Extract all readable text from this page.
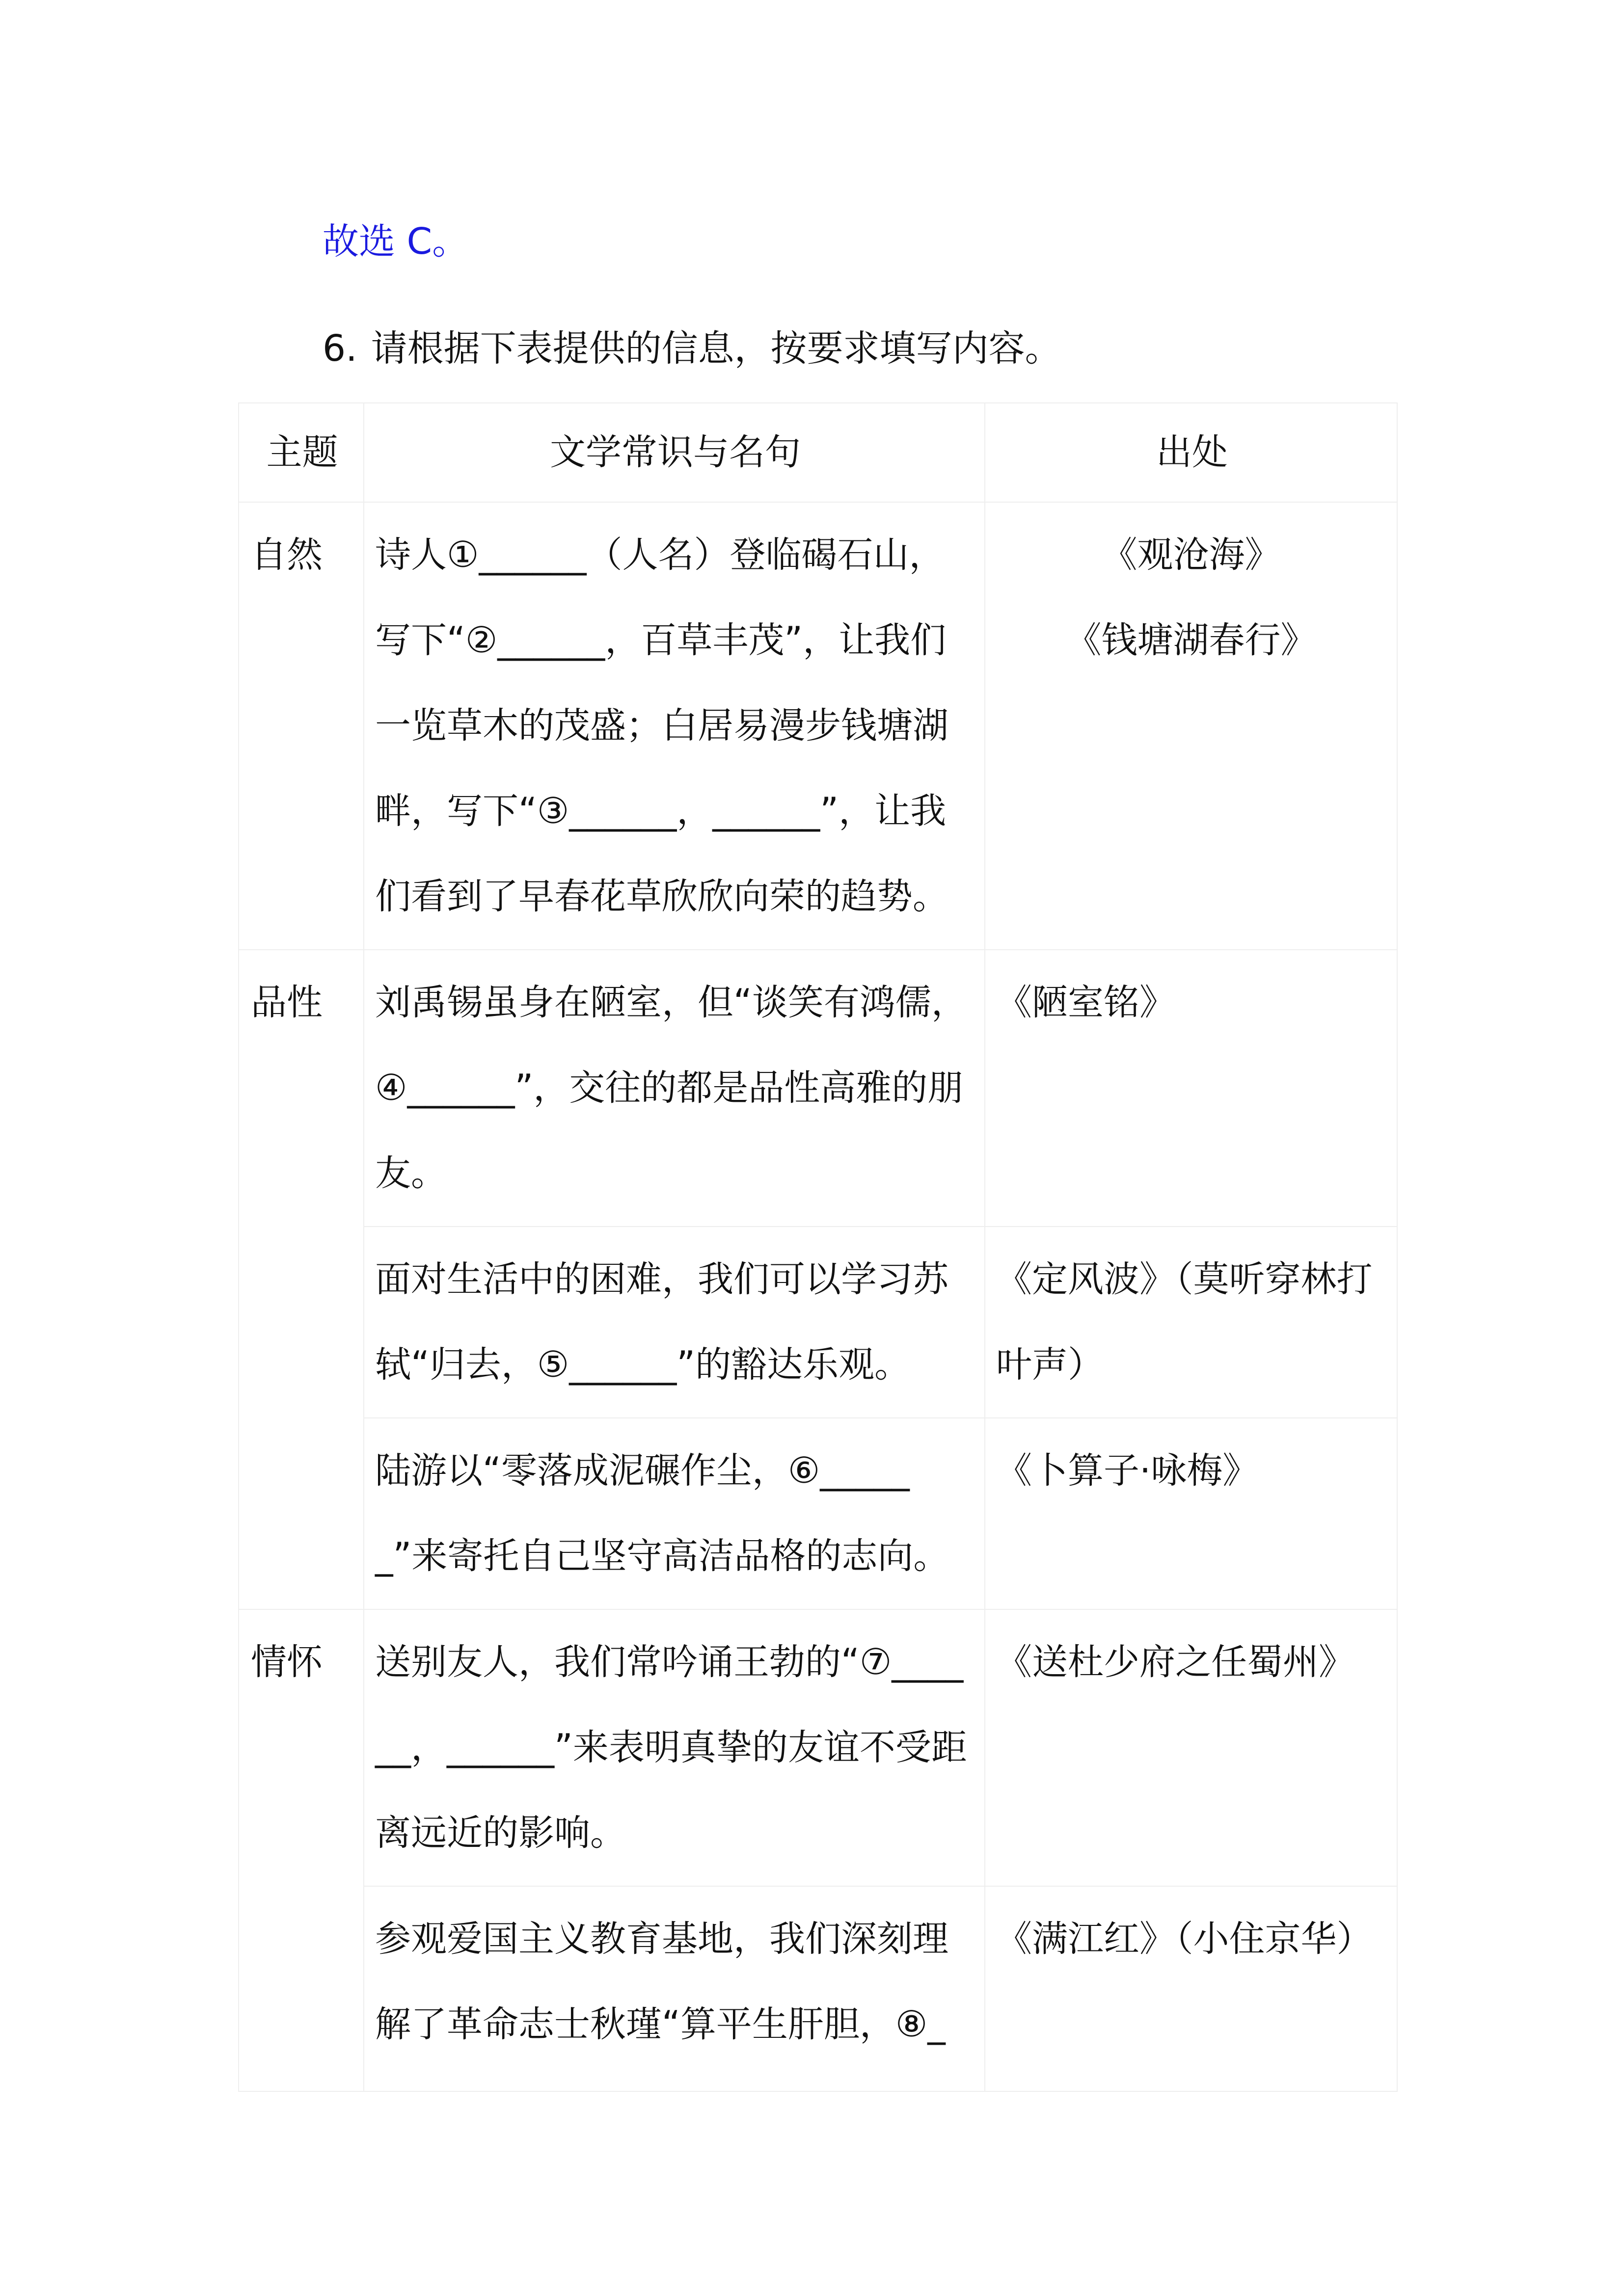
故选 C。
6. 请根据下表提供的信息，按要求填写内容。
主题	文学常识与名句	出处
自然	诗人①______（人名）登临碣石山，写下“②______，百草丰茂”，让我们一览草木的茂盛；白居易漫步钱塘湖畔，写下“③______，______”，让我们看到了早春花草欣欣向荣的趋势。	《观沧海》
《钱塘湖春行》

品性	刘禹锡虽身在陋室，但“谈笑有鸿儒，④______”，交往的都是品性高雅的朋友。	《陋室铭》

	面对生活中的困难，我们可以学习苏轼“归去，⑤______”的豁达乐观。	《定风波》（莫听穿林打叶声）

	陆游以“零落成泥碾作尘，⑥______”来寄托自己坚守高洁品格的志向。	《卜算子·咏梅》

情怀	送别友人，我们常吟诵王勃的“⑦______，______”来表明真挚的友谊不受距离远近的影响。	《送杜少府之任蜀州》

	参观爱国主义教育基地，我们深刻理解了革命志士秋瑾“算平生肝胆，⑧_	《满江红》（小住京华）
